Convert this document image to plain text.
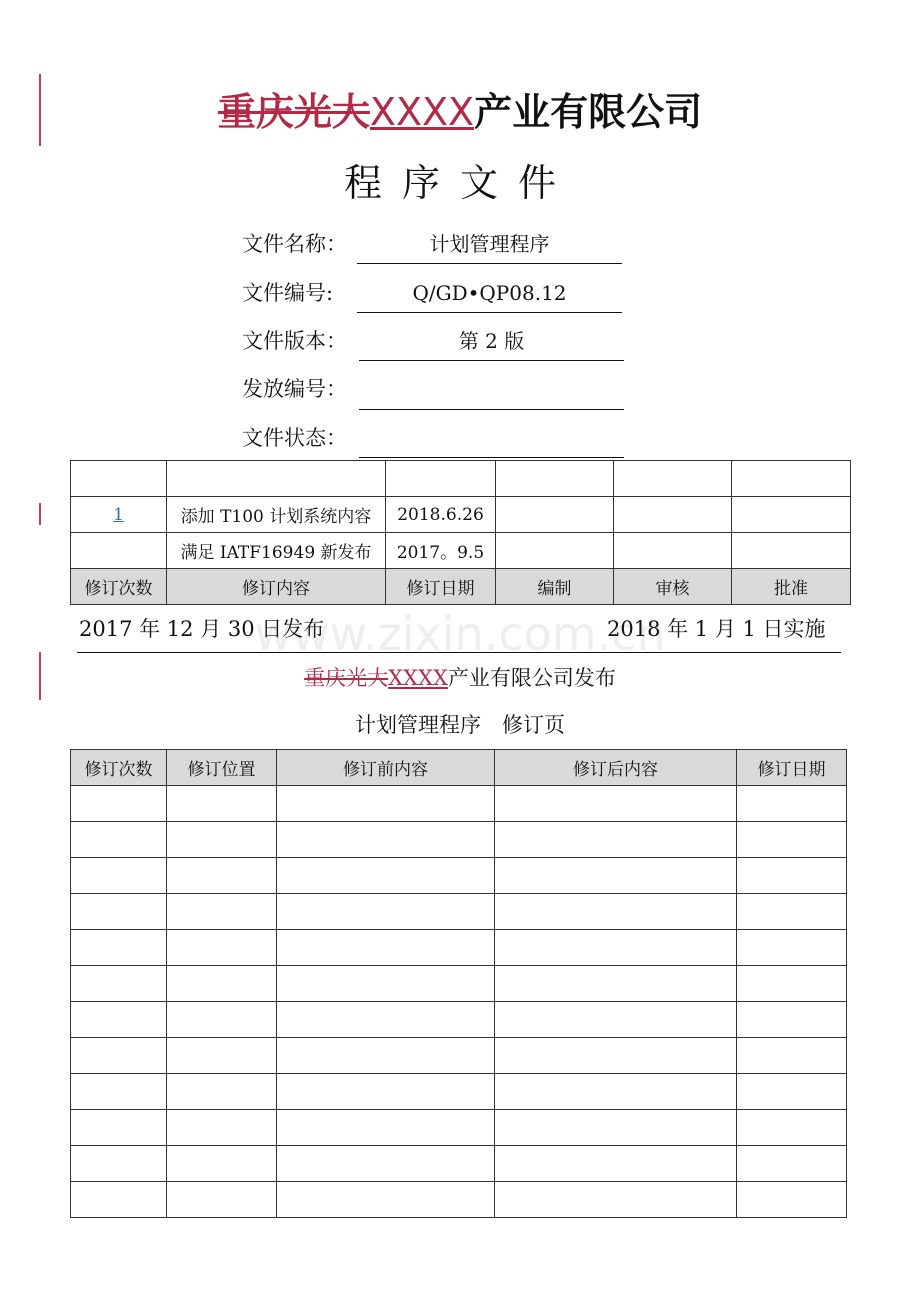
重庆光大XXXX产业有限公司
程序文件
文件名称：	计划管理程序
文件编号:	Q/GD•QP08.12
文件版本：	第 2 版
发放编号：
文件状态：

1	添加 T100 计划系统内容	2018.6.26			
	满足 IATF16949 新发布	2017。9.5			
修订次数	修订内容	修订日期	编制	审核	批准
www.zixin.com.cn
2017 年 12 月 30 日发布	2018 年 1 月 1 日实施
重庆光大XXXX产业有限公司发布
计划管理程序　修订页
修订次数	修订位置	修订前内容	修订后内容	修订日期
